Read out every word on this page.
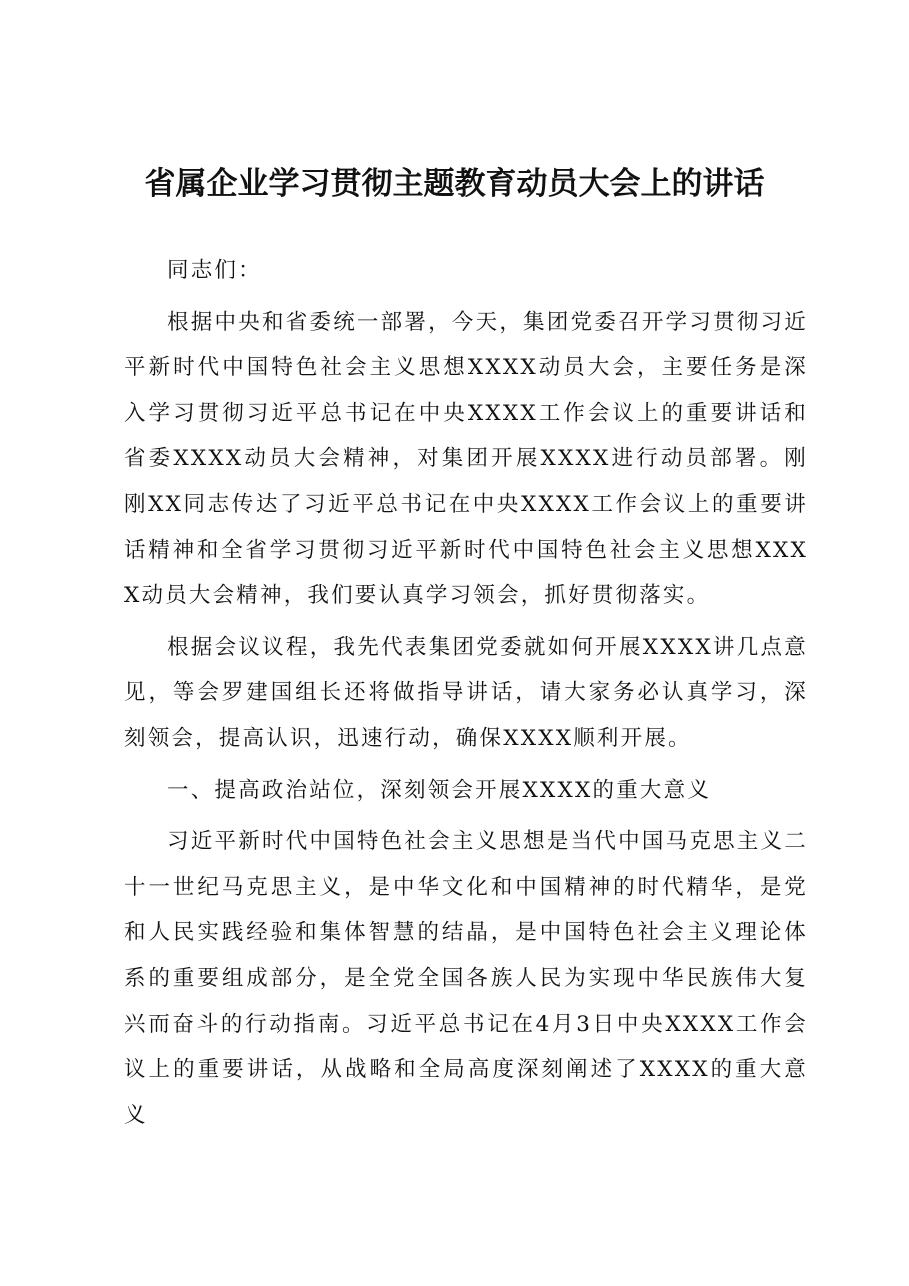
省属企业学习贯彻主题教育动员大会上的讲话

同志们：

根据中央和省委统一部署，今天，集团党委召开学习贯彻习近平新时代中国特色社会主义思想XXXX动员大会，主要任务是深入学习贯彻习近平总书记在中央XXXX工作会议上的重要讲话和省委XXXX动员大会精神，对集团开展XXXX进行动员部署。刚刚XX同志传达了习近平总书记在中央XXXX工作会议上的重要讲话精神和全省学习贯彻习近平新时代中国特色社会主义思想XXXX动员大会精神，我们要认真学习领会，抓好贯彻落实。

根据会议议程，我先代表集团党委就如何开展XXXX讲几点意见，等会罗建国组长还将做指导讲话，请大家务必认真学习，深刻领会，提高认识，迅速行动，确保XXXX顺利开展。

一、提高政治站位，深刻领会开展XXXX的重大意义

习近平新时代中国特色社会主义思想是当代中国马克思主义二十一世纪马克思主义，是中华文化和中国精神的时代精华，是党和人民实践经验和集体智慧的结晶，是中国特色社会主义理论体系的重要组成部分，是全党全国各族人民为实现中华民族伟大复兴而奋斗的行动指南。习近平总书记在4月3日中央XXXX工作会议上的重要讲话，从战略和全局高度深刻阐述了XXXX的重大意义
